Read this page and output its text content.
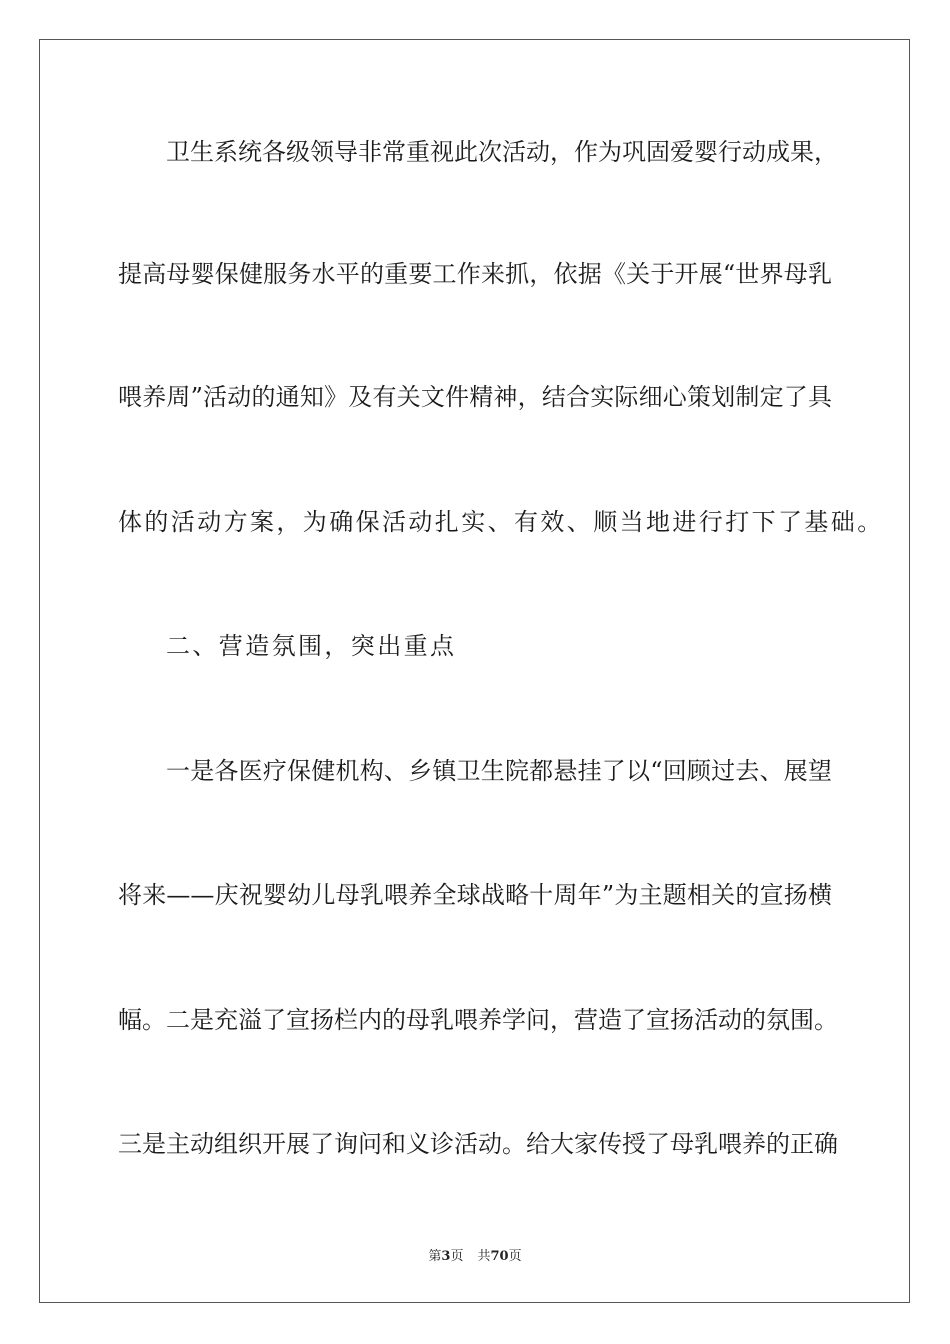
卫生系统各级领导非常重视此次活动，作为巩固爱婴行动成果，
提高母婴保健服务水平的重要工作来抓，依据《关于开展“世界母乳
喂养周”活动的通知》及有关文件精神，结合实际细心策划制定了具
体的活动方案，为确保活动扎实、有效、顺当地进行打下了基础。
二、营造氛围，突出重点
一是各医疗保健机构、乡镇卫生院都悬挂了以“回顾过去、展望
将来——庆祝婴幼儿母乳喂养全球战略十周年”为主题相关的宣扬横
幅。二是充溢了宣扬栏内的母乳喂养学问，营造了宣扬活动的氛围。
三是主动组织开展了询问和义诊活动。给大家传授了母乳喂养的正确
第3页 共70页
